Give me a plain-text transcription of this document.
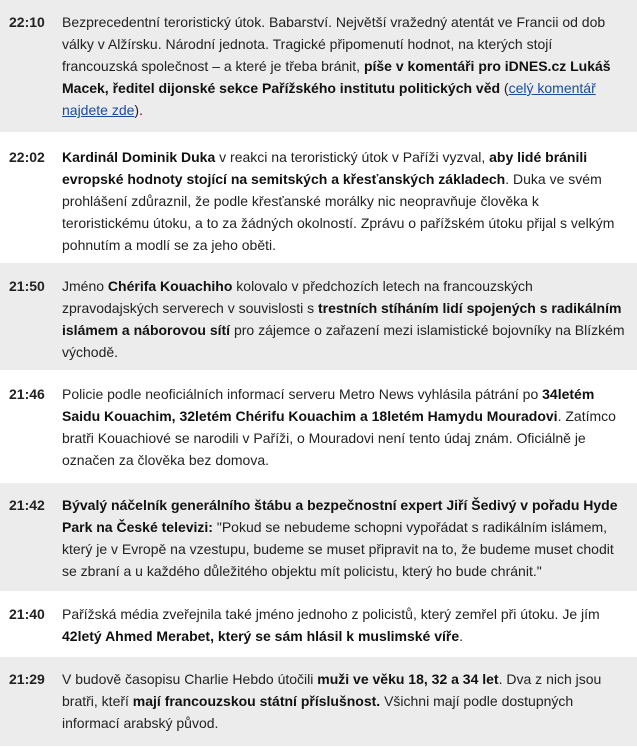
22:10	Bezprecedentní teroristický útok. Babarství. Největší vražedný atentát ve Francii od dob války v Alžírsku. Národní jednota. Tragické připomenutí hodnot, na kterých stojí francouzská společnost – a které je třeba bránit, píše v komentáři pro iDNES.cz Lukáš Macek, ředitel dijonské sekce Pařížského institutu politických věd (celý komentář najdete zde).
22:02	Kardinál Dominik Duka v reakci na teroristický útok v Paříži vyzval, aby lidé bránili evropské hodnoty stojící na semitských a křesťanských základech. Duka ve svém prohlášení zdůraznil, že podle křesťanské morálky nic neopravňuje člověka k teroristickému útoku, a to za žádných okolností. Zprávu o pařížském útoku přijal s velkým pohnutím a modlí se za jeho oběti.
21:50	Jméno Chérifa Kouachiho kolovalo v předchozích letech na francouzských zpravodajských serverech v souvislosti s trestních stíháním lidí spojených s radikálním islámem a náborovou sítí pro zájemce o zařazení mezi islamistické bojovníky na Blízkém východě.
21:46	Policie podle neoficiálních informací serveru Metro News vyhlásila pátrání po 34letém Saidu Kouachim, 32letém Chérifu Kouachim a 18letém Hamydu Mouradovi. Zatímco bratři Kouachiové se narodili v Paříži, o Mouradovi není tento údaj znám. Oficiálně je označen za člověka bez domova.
21:42	Bývalý náčelník generálního štábu a bezpečnostní expert Jiří Šedivý v pořadu Hyde Park na České televizi: "Pokud se nebudeme schopni vypořádat s radikálním islámem, který je v Evropě na vzestupu, budeme se muset připravit na to, že budeme muset chodit se zbraní a u každého důležitého objektu mít policistu, který ho bude chránit."
21:40	Pařížská média zveřejnila také jméno jednoho z policistů, který zemřel při útoku. Je jím 42letý Ahmed Merabet, který se sám hlásil k muslimské víře.
21:29	V budově časopisu Charlie Hebdo útočili muži ve věku 18, 32 a 34 let. Dva z nich jsou bratři, kteří mají francouzskou státní příslušnost. Všichni mají podle dostupných informací arabský původ.
